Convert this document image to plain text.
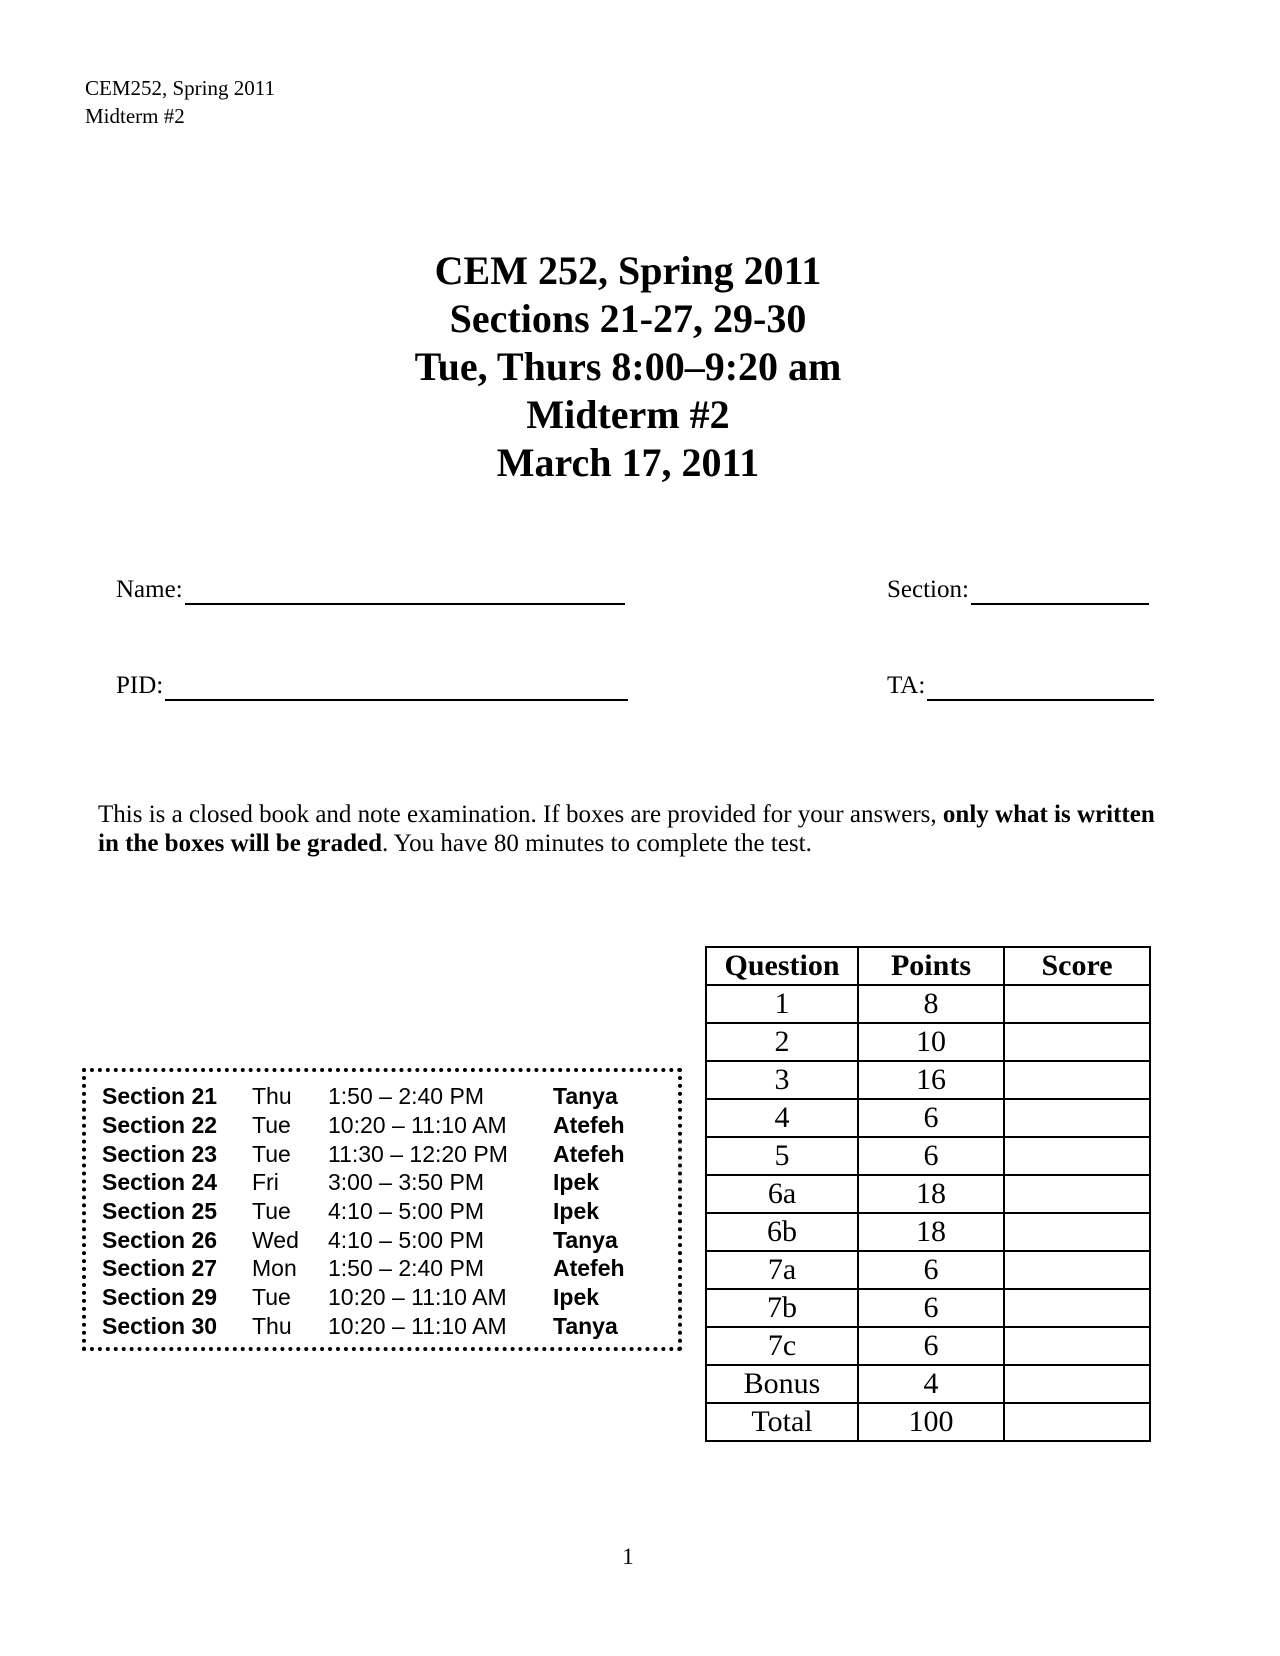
CEM252, Spring 2011
Midterm #2
CEM 252, Spring 2011
Sections 21-27, 29-30
Tue, Thurs 8:00–9:20 am
Midterm #2
March 17, 2011
Name:	Section:
PID:	TA:
This is a closed book and note examination. If boxes are provided for your answers, only what is written in the boxes will be graded. You have 80 minutes to complete the test.
Section 21	Thu	1:50 – 2:40 PM	Tanya
Section 22	Tue	10:20 – 11:10 AM	Atefeh
Section 23	Tue	11:30 – 12:20 PM	Atefeh
Section 24	Fri	3:00 – 3:50 PM	Ipek
Section 25	Tue	4:10 – 5:00 PM	Ipek
Section 26	Wed	4:10 – 5:00 PM	Tanya
Section 27	Mon	1:50 – 2:40 PM	Atefeh
Section 29	Tue	10:20 – 11:10 AM	Ipek
Section 30	Thu	10:20 – 11:10 AM	Tanya
Question	Points	Score
1	8	
2	10	
3	16	
4	6	
5	6	
6a	18	
6b	18	
7a	6	
7b	6	
7c	6	
Bonus	4	
Total	100	
1
